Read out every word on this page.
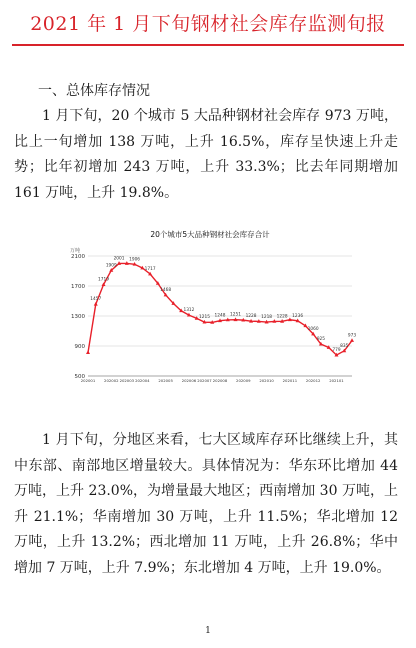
2021 年 1 月下旬钢材社会库存监测旬报
一、总体库存情况

1 月下旬，20 个城市 5 大品种钢材社会库存 973 万吨，比上一旬增加 138 万吨，上升 16.5%，库存呈快速上升走势；比年初增加 243 万吨，上升 33.3%；比去年同期增加 161 万吨，上升 19.8%。

20个城市5大品种钢材社会库存合计
万吨
500
900
1300
1700
2100
202001 202002 202003 202004 202005 202006 202007 202008 202009 202010 202011 202012 202101
1457
1719
1909
2001 1906
1717
1468
1312
1215 1248 1251 1228 1218 1228 1236
1060
925
779
835
973

1 月下旬，分地区来看，七大区域库存环比继续上升，其中东部、南部地区增量较大。具体情况为：华东环比增加 44 万吨，上升 23.0%，为增量最大地区；西南增加 30 万吨，上升 21.1%；华南增加 30 万吨，上升 11.5%；华北增加 12 万吨，上升 13.2%；西北增加 11 万吨，上升 26.8%；华中增加 7 万吨，上升 7.9%；东北增加 4 万吨，上升 19.0%。

1
